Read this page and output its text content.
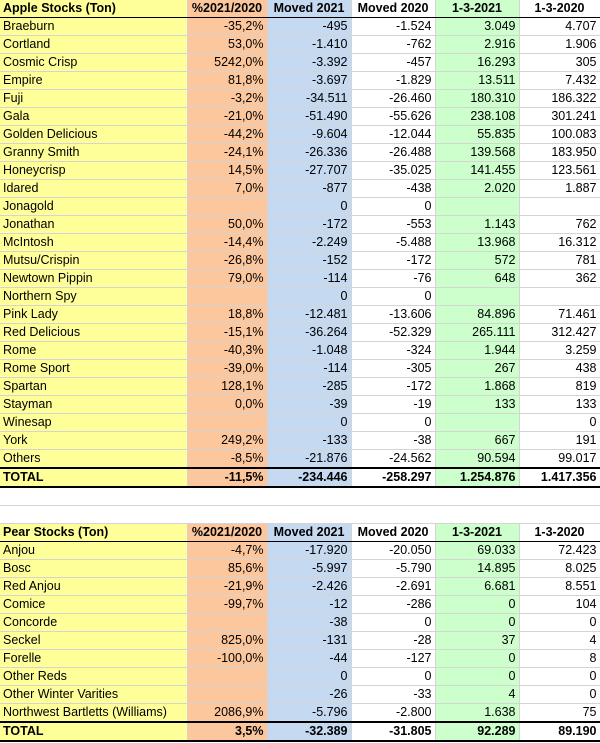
Apple Stocks (Ton)	%2021/2020	Moved 2021	Moved 2020	1-3-2021	1-3-2020
Braeburn	-35,2%	-495	-1.524	3.049	4.707
Cortland	53,0%	-1.410	-762	2.916	1.906
Cosmic Crisp	5242,0%	-3.392	-457	16.293	305
Empire	81,8%	-3.697	-1.829	13.511	7.432
Fuji	-3,2%	-34.511	-26.460	180.310	186.322
Gala	-21,0%	-51.490	-55.626	238.108	301.241
Golden Delicious	-44,2%	-9.604	-12.044	55.835	100.083
Granny Smith	-24,1%	-26.336	-26.488	139.568	183.950
Honeycrisp	14,5%	-27.707	-35.025	141.455	123.561
Idared	7,0%	-877	-438	2.020	1.887
Jonagold		0	0		
Jonathan	50,0%	-172	-553	1.143	762
McIntosh	-14,4%	-2.249	-5.488	13.968	16.312
Mutsu/Crispin	-26,8%	-152	-172	572	781
Newtown Pippin	79,0%	-114	-76	648	362
Northern Spy		0	0		
Pink Lady	18,8%	-12.481	-13.606	84.896	71.461
Red Delicious	-15,1%	-36.264	-52.329	265.111	312.427
Rome	-40,3%	-1.048	-324	1.944	3.259
Rome Sport	-39,0%	-114	-305	267	438
Spartan	128,1%	-285	-172	1.868	819
Stayman	0,0%	-39	-19	133	133
Winesap		0	0		0
York	249,2%	-133	-38	667	191
Others	-8,5%	-21.876	-24.562	90.594	99.017
TOTAL	-11,5%	-234.446	-258.297	1.254.876	1.417.356

Pear Stocks (Ton)	%2021/2020	Moved 2021	Moved 2020	1-3-2021	1-3-2020
Anjou	-4,7%	-17.920	-20.050	69.033	72.423
Bosc	85,6%	-5.997	-5.790	14.895	8.025
Red Anjou	-21,9%	-2.426	-2.691	6.681	8.551
Comice	-99,7%	-12	-286	0	104
Concorde		-38	0	0	0
Seckel	825,0%	-131	-28	37	4
Forelle	-100,0%	-44	-127	0	8
Other Reds		0	0	0	0
Other Winter Varities		-26	-33	4	0
Northwest Bartletts (Williams)	2086,9%	-5.796	-2.800	1.638	75
TOTAL	3,5%	-32.389	-31.805	92.289	89.190
